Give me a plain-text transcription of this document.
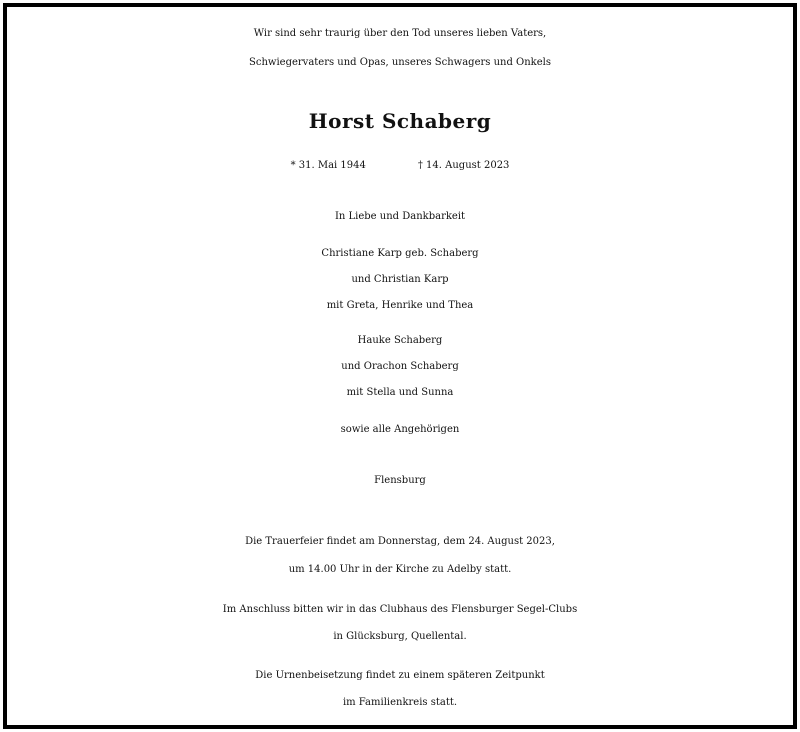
Wir sind sehr traurig über den Tod unseres lieben Vaters,
Schwiegervaters und Opas, unseres Schwagers und Onkels
Horst Schaberg
* 31. Mai 1944	† 14. August 2023
In Liebe und Dankbarkeit
Christiane Karp geb. Schaberg
und Christian Karp
mit Greta, Henrike und Thea
Hauke Schaberg
und Orachon Schaberg
mit Stella und Sunna
sowie alle Angehörigen
Flensburg
Die Trauerfeier findet am Donnerstag, dem 24. August 2023,
um 14.00 Uhr in der Kirche zu Adelby statt.
Im Anschluss bitten wir in das Clubhaus des Flensburger Segel-Clubs
in Glücksburg, Quellental.
Die Urnenbeisetzung findet zu einem späteren Zeitpunkt
im Familienkreis statt.
